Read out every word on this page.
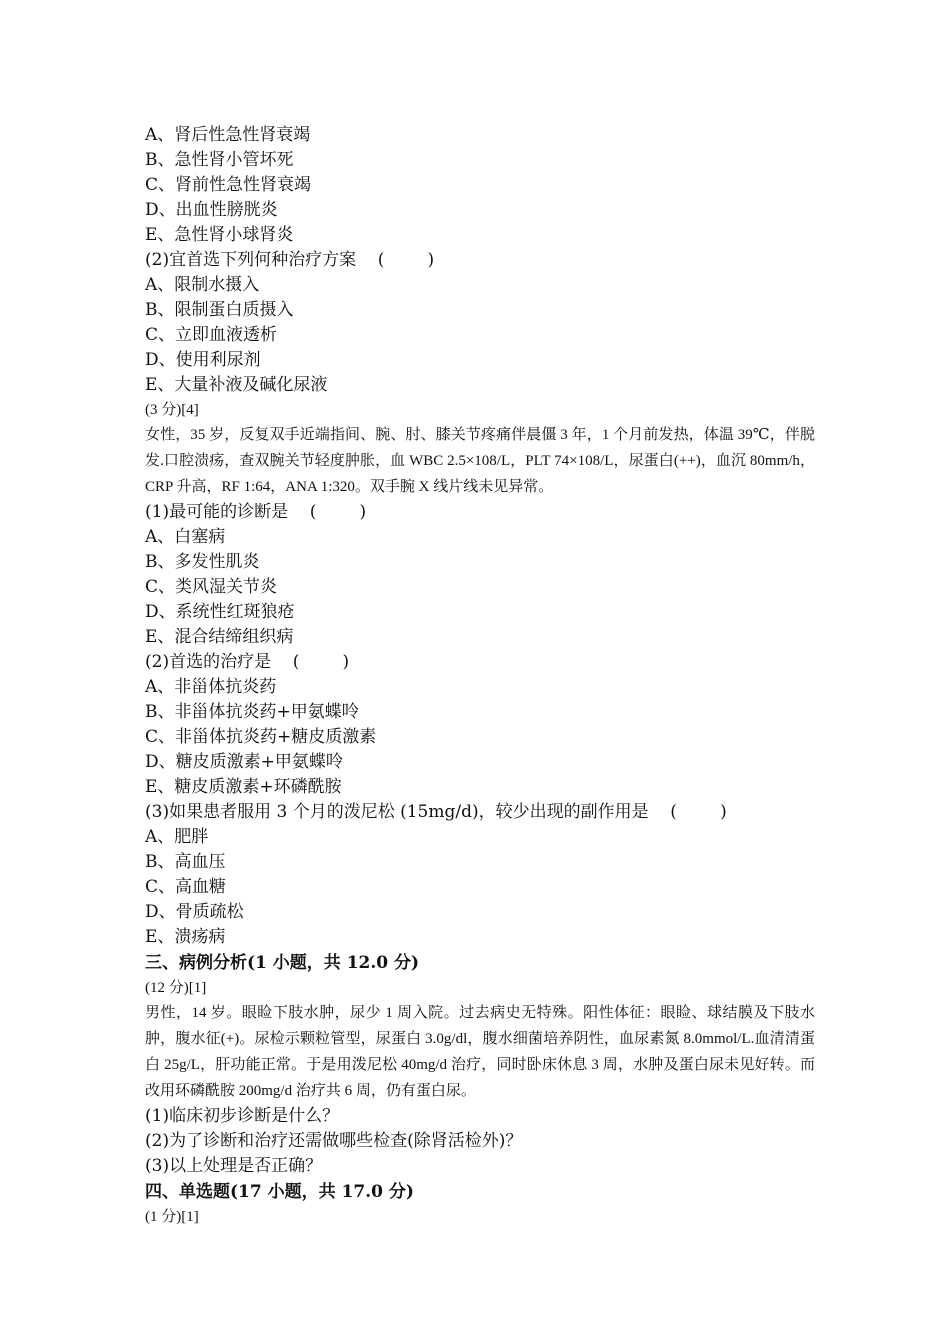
A、肾后性急性肾衰竭
B、急性肾小管坏死
C、肾前性急性肾衰竭
D、出血性膀胱炎
E、急性肾小球肾炎
(2)宜首选下列何种治疗方案    (        )
A、限制水摄入
B、限制蛋白质摄入
C、立即血液透析
D、使用利尿剂
E、大量补液及碱化尿液
(3 分)[4]

女性，35 岁，反复双手近端指间、腕、肘、膝关节疼痛伴晨僵 3 年，1 个月前发热，体温 39℃，伴脱发.口腔溃疡，查双腕关节轻度肿胀，血 WBC 2.5×108/L，PLT 74×108/L，尿蛋白(++)，血沉 80mm/h，CRP 升高，RF 1:64，ANA 1:320。双手腕 X 线片线未见异常。

(1)最可能的诊断是    (        )
A、白塞病
B、多发性肌炎
C、类风湿关节炎
D、系统性红斑狼疮
E、混合结缔组织病
(2)首选的治疗是    (        )
A、非甾体抗炎药
B、非甾体抗炎药+甲氨蝶呤
C、非甾体抗炎药+糖皮质激素
D、糖皮质激素+甲氨蝶呤
E、糖皮质激素+环磷酰胺
(3)如果患者服用 3 个月的泼尼松 (15mg/d)，较少出现的副作用是    (        )
A、肥胖
B、高血压
C、高血糖
D、骨质疏松
E、溃疡病
三、病例分析(1 小题，共 12.0 分)
(12 分)[1]

男性，14 岁。眼睑下肢水肿，尿少 1 周入院。过去病史无特殊。阳性体征：眼睑、球结膜及下肢水肿，腹水征(+)。尿检示颗粒管型，尿蛋白 3.0g/dl，腹水细菌培养阴性，血尿素氮 8.0mmol/L.血清清蛋白 25g/L，肝功能正常。于是用泼尼松 40mg/d 治疗，同时卧床休息 3 周，水肿及蛋白尿未见好转。而改用环磷酰胺 200mg/d 治疗共 6 周，仍有蛋白尿。

(1)临床初步诊断是什么？
(2)为了诊断和治疗还需做哪些检查(除肾活检外)？
(3)以上处理是否正确？
四、单选题(17 小题，共 17.0 分)
(1 分)[1]
